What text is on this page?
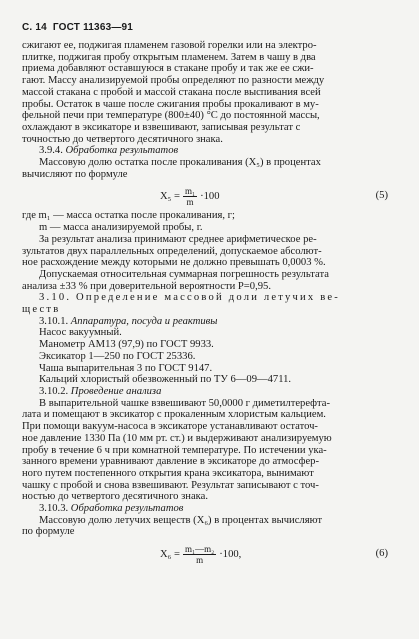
С. 14 ГОСТ 11363—91

сжигают ее, поджигая пламенем газовой горелки или на электро-

плитке, поджигая пробу открытым пламенем. Затем в чашу в два

приема добавляют оставшуюся в стакане пробу и так же ее сжи-

гают. Массу анализируемой пробы определяют по разности между

массой стакана с пробой и массой стакана после выспивания всей

пробы. Остаток в чаше после сжигания пробы прокаливают в му-

фельной печи при температуре (800±40) °С до постоянной массы,

охлаждают в эксикаторе и взвешивают, записывая результат с

точностью до четвертого десятичного знака.

3.9.4. Обработка результатов

Массовую долю остатка после прокаливания (X₅) в процентах

вычисляют по формуле

$X_5 = \frac{\text{m₁}}{m} \cdot 100$	(5)

где m₁ — масса остатка после прокаливания, г;

m — масса анализируемой пробы, г.

За результат анализа принимают среднее арифметическое ре-

зультатов двух параллельных определений, допускаемое абсолют-

ное расхождение между которыми не должно превышать 0,0003 %.

Допускаемая относительная суммарная погрешность результата

анализа ±33 % при доверительной вероятности P=0,95.

3.10. Определение массовой доли летучих ве-

ществ

3.10.1. Аппаратура, посуда и реактивы

Насос вакуумный.

Манометр АМ13 (97,9) по ГОСТ 9933.

Эксикатор 1—250 по ГОСТ 25336.

Чаша выпарительная 3 по ГОСТ 9147.

Кальций хлористый обезвоженный по ТУ 6—09—4711.

3.10.2. Проведение анализа

В выпарительной чашке взвешивают 50,0000 г диметилтерефта-

лата и помещают в эксикатор с прокаленным хлористым кальцием.

При помощи вакуум-насоса в эксикаторе устанавливают остаточ-

ное давление 1330 Па (10 мм рт. ст.) и выдерживают анализируемую

пробу в течение 6 ч при комнатной температуре. По истечении ука-

занного времени уравнивают давление в эксикаторе до атмосфер-

ного путем постепенного открытия крана эксикатора, вынимают

чашку с пробой и снова взвешивают. Результат записывают с точ-

ностью до четвертого десятичного знака.

3.10.3. Обработка результатов

Массовую долю летучих веществ (X₆) в процентах вычисляют

по формуле

$X_6 = \frac{\text{m₁—m₂}}{m} \cdot 100$,	(6)
